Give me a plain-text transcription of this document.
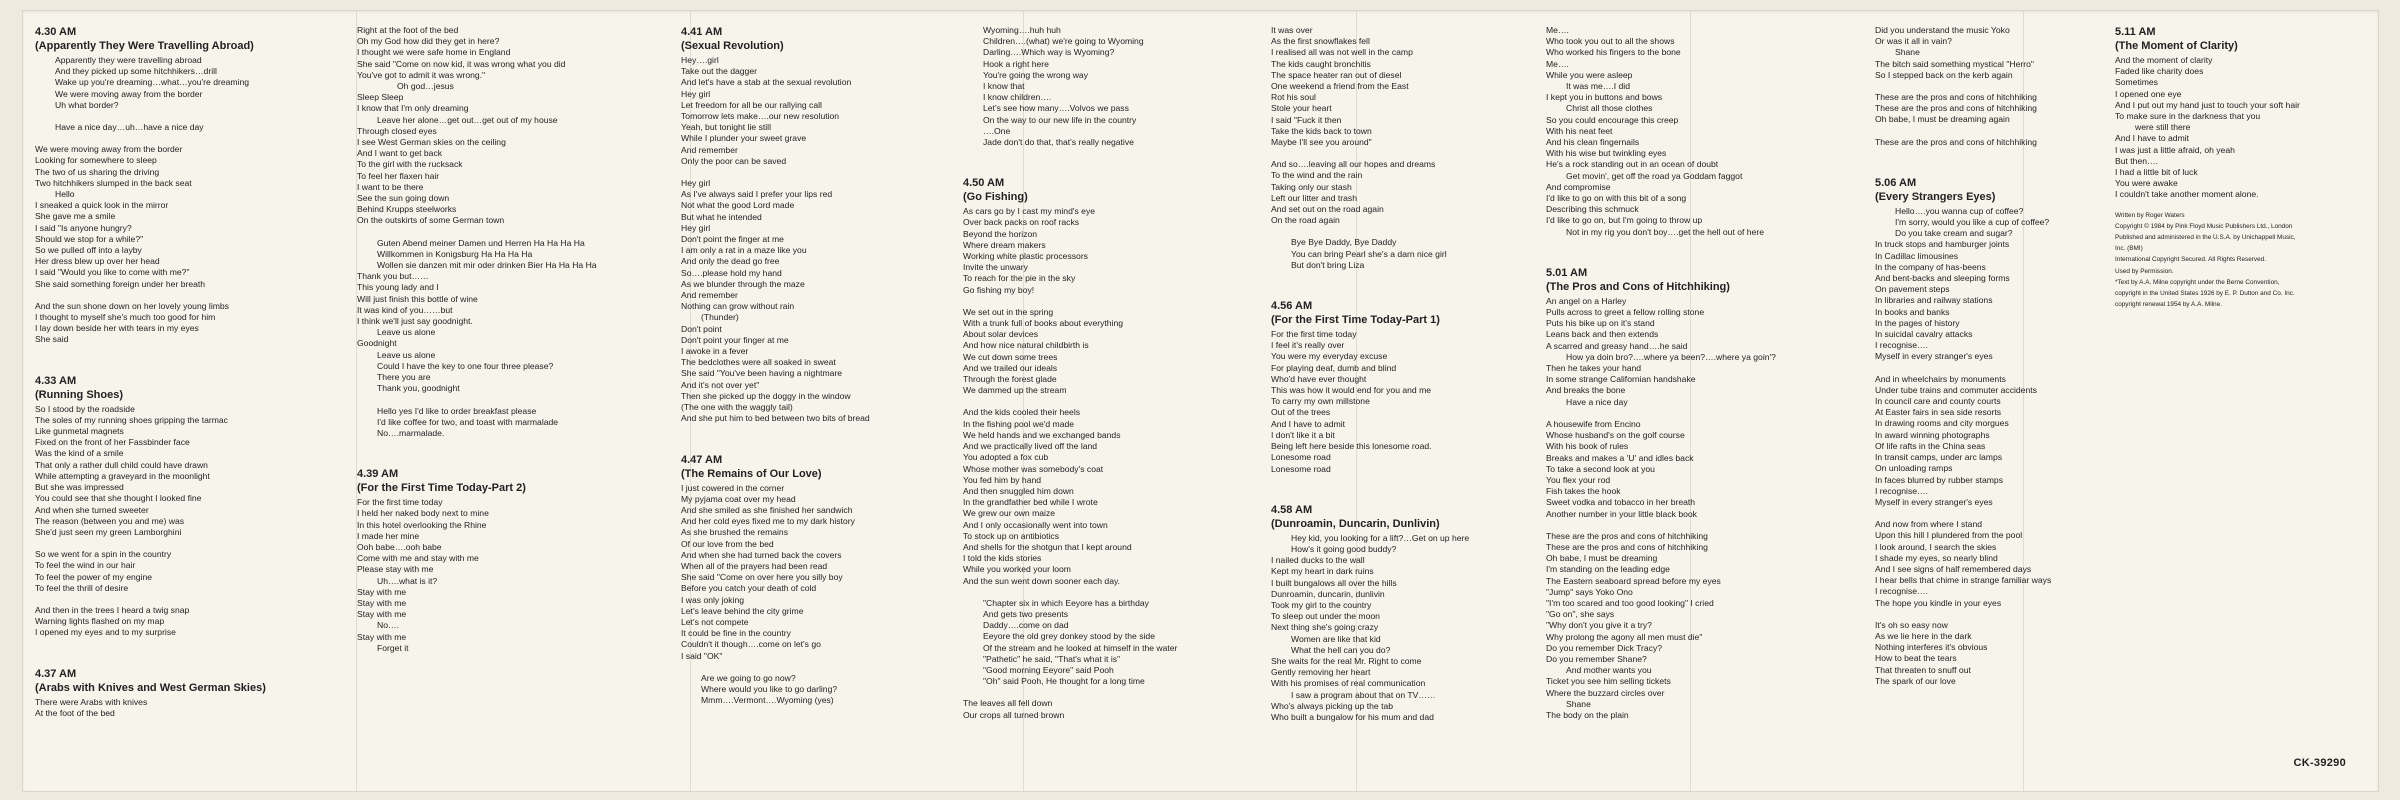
4.30 AM
(Apparently They Were Travelling Abroad)
Apparently they were travelling abroad
And they picked up some hitchhikers…drill
Wake up you're dreaming…what…you're dreaming
We were moving away from the border
Uh what border?
Have a nice day…uh…have a nice day
We were moving away from the border
Looking for somewhere to sleep
The two of us sharing the driving
Two hitchhikers slumped in the back seat
Hello
I sneaked a quick look in the mirror
She gave me a smile
I said "Is anyone hungry?
Should we stop for a while?"
So we pulled off into a layby
Her dress blew up over her head
I said "Would you like to come with me?"
She said something foreign under her breath
And the sun shone down on her lovely young limbs
I thought to myself she's much too good for him
I lay down beside her with tears in my eyes
She said
4.33 AM
(Running Shoes)
So I stood by the roadside
The soles of my running shoes gripping the tarmac
Like gunmetal magnets
Fixed on the front of her Fassbinder face
Was the kind of a smile
That only a rather dull child could have drawn
While attempting a graveyard in the moonlight
But she was impressed
You could see that she thought I looked fine
And when she turned sweeter
The reason (between you and me) was
She'd just seen my green Lamborghini
So we went for a spin in the country
To feel the wind in our hair
To feel the power of my engine
To feel the thrill of desire
And then in the trees I heard a twig snap
Warning lights flashed on my map
I opened my eyes and to my surprise
4.37 AM
(Arabs with Knives and West German Skies)
There were Arabs with knives
At the foot of the bed
Right at the foot of the bed
Oh my God how did they get in here?
I thought we were safe home in England
She said "Come on now kid, it was wrong what you did
You've got to admit it was wrong."
Oh god…jesus
Sleep Sleep
I know that I'm only dreaming
Leave her alone…get out…get out of my house
Through closed eyes
I see West German skies on the ceiling
And I want to get back
To the girl with the rucksack
To feel her flaxen hair
I want to be there
See the sun going down
Behind Krupps steelworks
On the outskirts of some German town
Guten Abend meiner Damen und Herren Ha Ha Ha Ha
Willkommen in Konigsburg Ha Ha Ha Ha
Wollen sie danzen mit mir oder drinken Bier Ha Ha Ha Ha
Thank you but……
This young lady and I
Will just finish this bottle of wine
It was kind of you……but
I think we'll just say goodnight.
Leave us alone
Goodnight
Leave us alone
Could I have the key to one four three please?
There you are
Thank you, goodnight
Hello yes I'd like to order breakfast please
I'd like coffee for two, and toast with marmalade
No….marmalade.
4.39 AM
(For the First Time Today-Part 2)
For the first time today
I held her naked body next to mine
In this hotel overlooking the Rhine
I made her mine
Ooh babe….ooh babe
Come with me and stay with me
Please stay with me
Uh….what is it?
Stay with me
Stay with me
Stay with me
No….
Stay with me
Forget it
4.41 AM
(Sexual Revolution)
Hey….girl
Take out the dagger
And let's have a stab at the sexual revolution
Hey girl
Let freedom for all be our rallying call
Tomorrow lets make….our new resolution
Yeah, but tonight lie still
While I plunder your sweet grave
And remember
Only the poor can be saved
Hey girl
As I've always said I prefer your lips red
Not what the good Lord made
But what he intended
Hey girl
Don't point the finger at me
I am only a rat in a maze like you
And only the dead go free
So….please hold my hand
As we blunder through the maze
And remember
Nothing can grow without rain
(Thunder)
Don't point
Don't point your finger at me
I awoke in a fever
The bedclothes were all soaked in sweat
She said "You've been having a nightmare
And it's not over yet"
Then she picked up the doggy in the window
(The one with the waggly tail)
And she put him to bed between two bits of bread
4.47 AM
(The Remains of Our Love)
I just cowered in the corner
My pyjama coat over my head
And she smiled as she finished her sandwich
And her cold eyes fixed me to my dark history
As she brushed the remains
Of our love from the bed
And when she had turned back the covers
When all of the prayers had been read
She said "Come on over here you silly boy
Before you catch your death of cold
I was only joking
Let's leave behind the city grime
Let's not compete
It could be fine in the country
Couldn't it though….come on let's go
I said "OK"
Are we going to go now?
Where would you like to go darling?
Mmm….Vermont….Wyoming (yes)
Wyoming….huh huh
Children….(what) we're going to Wyoming
Darling….Which way is Wyoming?
Hook a right here
You're going the wrong way
I know that
I know children….
Let's see how many….Volvos we pass
On the way to our new life in the country
….One
Jade don't do that, that's really negative
4.50 AM
(Go Fishing)
As cars go by I cast my mind's eye
Over back packs on roof racks
Beyond the horizon
Where dream makers
Working white plastic processors
Invite the unwary
To reach for the pie in the sky
Go fishing my boy!
We set out in the spring
With a trunk full of books about everything
About solar devices
And how nice natural childbirth is
We cut down some trees
And we trailed our ideals
Through the forest glade
We dammed up the stream
And the kids cooled their heels
In the fishing pool we'd made
We held hands and we exchanged bands
And we practically lived off the land
You adopted a fox cub
Whose mother was somebody's coat
You fed him by hand
And then snuggled him down
In the grandfather bed while I wrote
We grew our own maize
And I only occasionally went into town
To stock up on antibiotics
And shells for the shotgun that I kept around
I told the kids stories
While you worked your loom
And the sun went down sooner each day.
"Chapter six in which Eeyore has a birthday
And gets two presents
Daddy….come on dad
Eeyore the old grey donkey stood by the side
Of the stream and he looked at himself in the water
"Pathetic" he said, "That's what it is"
"Good morning Eeyore" said Pooh
"Oh" said Pooh, He thought for a long time
The leaves all fell down
Our crops all turned brown
It was over
As the first snowflakes fell
I realised all was not well in the camp
The kids caught bronchitis
The space heater ran out of diesel
One weekend a friend from the East
Rot his soul
Stole your heart
I said "Fuck it then
Take the kids back to town
Maybe I'll see you around"
And so….leaving all our hopes and dreams
To the wind and the rain
Taking only our stash
Left our litter and trash
And set out on the road again
On the road again
Bye Bye Daddy, Bye Daddy
You can bring Pearl she's a darn nice girl
But don't bring Liza
4.56 AM
(For the First Time Today-Part 1)
For the first time today
I feel it's really over
You were my everyday excuse
For playing deaf, dumb and blind
Who'd have ever thought
This was how it would end for you and me
To carry my own millstone
Out of the trees
And I have to admit
I don't like it a bit
Being left here beside this lonesome road.
Lonesome road
Lonesome road
4.58 AM
(Dunroamin, Duncarin, Dunlivin)
Hey kid, you looking for a lift?…Get on up here
How's it going good buddy?
I nailed ducks to the wall
Kept my heart in dark ruins
I built bungalows all over the hills
Dunroamin, duncarin, dunlivin
Took my girl to the country
To sleep out under the moon
Next thing she's going crazy
Women are like that kid
What the hell can you do?
She waits for the real Mr. Right to come
Gently removing her heart
With his promises of real communication
I saw a program about that on TV……
Who's always picking up the tab
Who built a bungalow for his mum and dad
Me….
Who took you out to all the shows
Who worked his fingers to the bone
Me….
While you were asleep
It was me….I did
I kept you in buttons and bows
Christ all those clothes
So you could encourage this creep
With his neat feet
And his clean fingernails
With his wise but twinkling eyes
He's a rock standing out in an ocean of doubt
Get movin', get off the road ya Goddam faggot
And compromise
I'd like to go on with this bit of a song
Describing this schmuck
I'd like to go on, but I'm going to throw up
Not in my rig you don't boy….get the hell out of here
5.01 AM
(The Pros and Cons of Hitchhiking)
An angel on a Harley
Pulls across to greet a fellow rolling stone
Puts his bike up on it's stand
Leans back and then extends
A scarred and greasy hand….he said
How ya doin bro?….where ya been?….where ya goin'?
Then he takes your hand
In some strange Californian handshake
And breaks the bone
Have a nice day
A housewife from Encino
Whose husband's on the golf course
With his book of rules
Breaks and makes a 'U' and idles back
To take a second look at you
You flex your rod
Fish takes the hook
Sweet vodka and tobacco in her breath
Another number in your little black book
These are the pros and cons of hitchhiking
These are the pros and cons of hitchhiking
Oh babe, I must be dreaming
I'm standing on the leading edge
The Eastern seaboard spread before my eyes
"Jump" says Yoko Ono
"I'm too scared and too good looking" I cried
"Go on", she says
"Why don't you give it a try?
Why prolong the agony all men must die"
Do you remember Dick Tracy?
Do you remember Shane?
And mother wants you
Ticket you see him selling tickets
Where the buzzard circles over
Shane
The body on the plain
Did you understand the music Yoko
Or was it all in vain?
Shane
The bitch said something mystical "Herro"
So I stepped back on the kerb again
These are the pros and cons of hitchhiking
These are the pros and cons of hitchhiking
Oh babe, I must be dreaming again
These are the pros and cons of hitchhiking
5.06 AM
(Every Strangers Eyes)
Hello….you wanna cup of coffee?
I'm sorry, would you like a cup of coffee?
Do you take cream and sugar?
In truck stops and hamburger joints
In Cadillac limousines
In the company of has-beens
And bent-backs and sleeping forms
On pavement steps
In libraries and railway stations
In books and banks
In the pages of history
In suicidal cavalry attacks
I recognise….
Myself in every stranger's eyes
And in wheelchairs by monuments
Under tube trains and commuter accidents
In council care and county courts
At Easter fairs in sea side resorts
In drawing rooms and city morgues
In award winning photographs
Of life rafts in the China seas
In transit camps, under arc lamps
On unloading ramps
In faces blurred by rubber stamps
I recognise….
Myself in every stranger's eyes
And now from where I stand
Upon this hill I plundered from the pool
I look around, I search the skies
I shade my eyes, so nearly blind
And I see signs of half remembered days
I hear bells that chime in strange familiar ways
I recognise….
The hope you kindle in your eyes
It's oh so easy now
As we lie here in the dark
Nothing interferes it's obvious
How to beat the tears
That threaten to snuff out
The spark of our love
5.11 AM
(The Moment of Clarity)
And the moment of clarity
Faded like charity does
Sometimes
I opened one eye
And I put out my hand just to touch your soft hair
To make sure in the darkness that you
were still there
And I have to admit
I was just a little afraid, oh yeah
But then….
I had a little bit of luck
You were awake
I couldn't take another moment alone.
Written by Roger Waters
Copyright © 1984 by Pink Floyd Music Publishers Ltd., London
Published and administered in the U.S.A. by Unichappell Music,
Inc. (BMI)
International Copyright Secured. All Rights Reserved.
Used by Permission.
*Text by A.A. Milne copyright under the Berne Convention,
copyright in the United States 1926 by E. P. Dutton and Co. Inc.
copyright renewal 1954 by A.A. Milne.
CK-39290
